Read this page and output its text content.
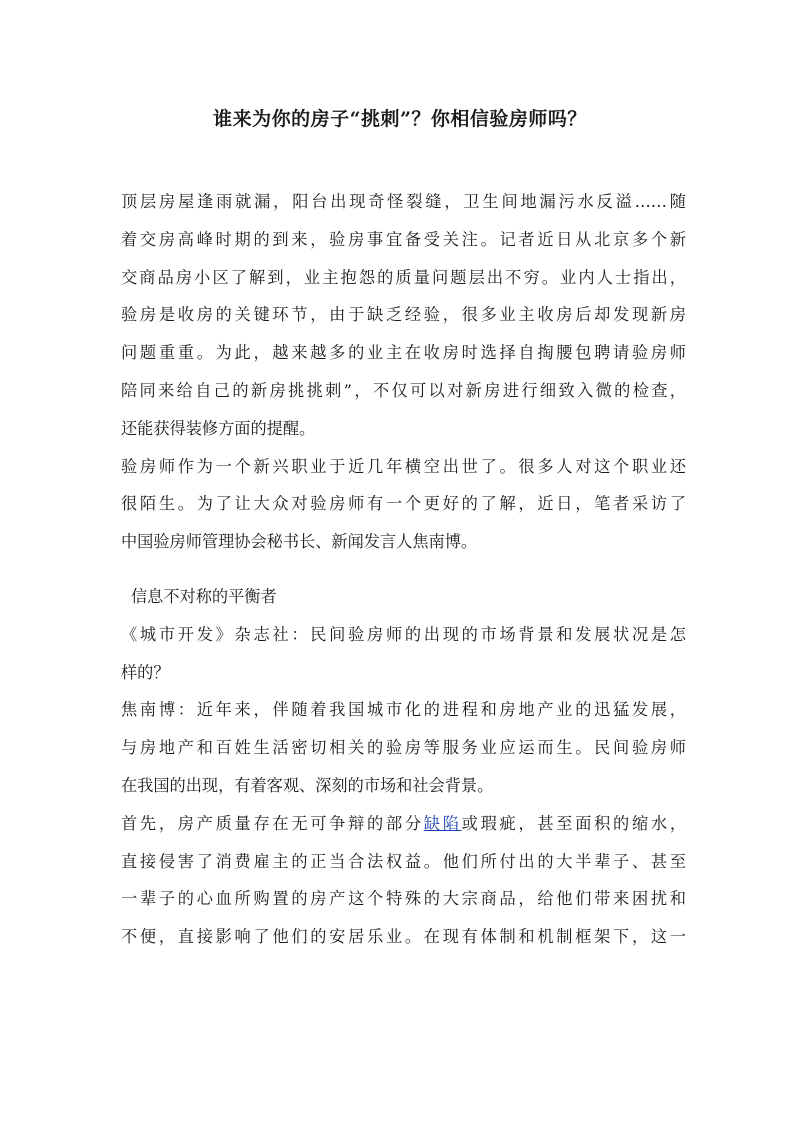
谁来为你的房子“挑刺”？你相信验房师吗？
顶层房屋逢雨就漏，阳台出现奇怪裂缝，卫生间地漏污水反溢……随
着交房高峰时期的到来，验房事宜备受关注。记者近日从北京多个新
交商品房小区了解到，业主抱怨的质量问题层出不穷。业内人士指出，
验房是收房的关键环节，由于缺乏经验，很多业主收房后却发现新房
问题重重。为此，越来越多的业主在收房时选择自掏腰包聘请验房师
陪同来给自己的新房挑挑刺”，不仅可以对新房进行细致入微的检查，
还能获得装修方面的提醒。
验房师作为一个新兴职业于近几年横空出世了。很多人对这个职业还
很陌生。为了让大众对验房师有一个更好的了解，近日，笔者采访了
中国验房师管理协会秘书长、新闻发言人焦南博。
信息不对称的平衡者
《城市开发》杂志社：民间验房师的出现的市场背景和发展状况是怎
样的？
焦南博：近年来，伴随着我国城市化的进程和房地产业的迅猛发展，
与房地产和百姓生活密切相关的验房等服务业应运而生。民间验房师
在我国的出现，有着客观、深刻的市场和社会背景。
首先，房产质量存在无可争辩的部分缺陷或瑕疵，甚至面积的缩水，
直接侵害了消费雇主的正当合法权益。他们所付出的大半辈子、甚至
一辈子的心血所购置的房产这个特殊的大宗商品，给他们带来困扰和
不便，直接影响了他们的安居乐业。在现有体制和机制框架下，这一
